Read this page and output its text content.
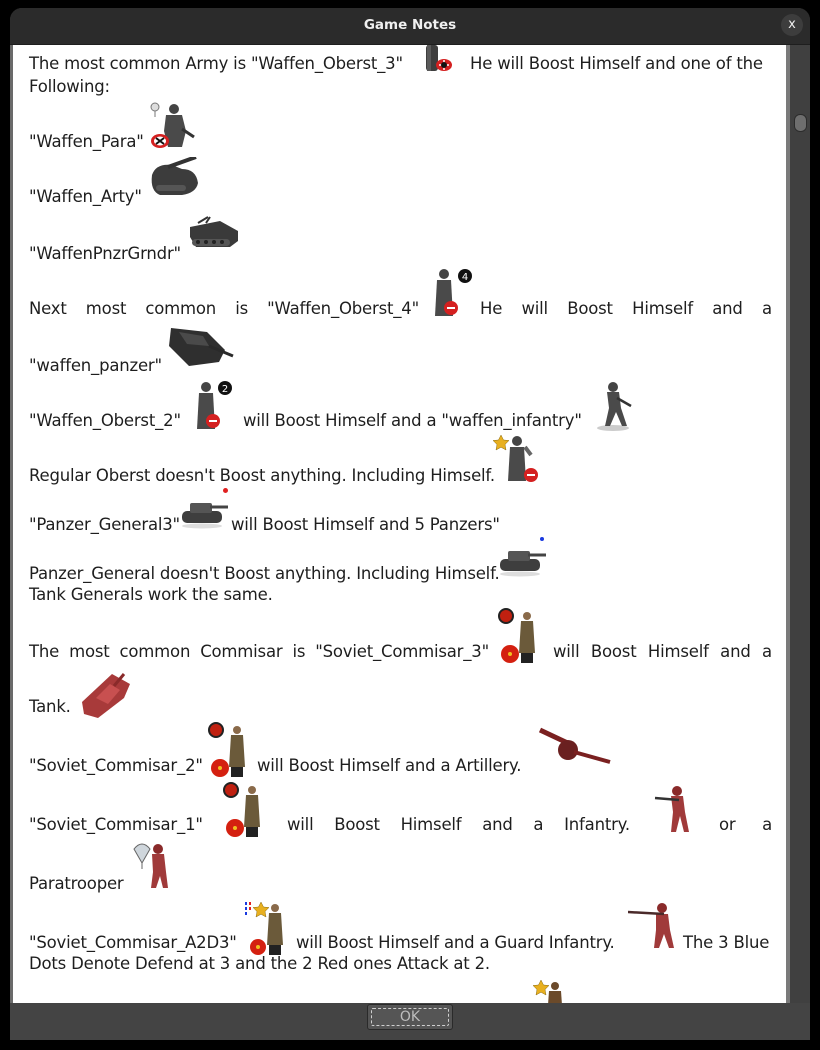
Game Notes	x
The most common Army is "Waffen_Oberst_3"	He will Boost Himself and one of the
Following:
"Waffen_Para"
"Waffen_Arty"
"WaffenPnzrGrndr"
Next most common is "Waffen_Oberst_4"
4
He will Boost Himself and a
"waffen_panzer"
"Waffen_Oberst_2"
2
will Boost Himself and a "waffen_infantry"
Regular Oberst doesn't Boost anything. Including Himself.
"Panzer_General3"	will Boost Himself and 5 Panzers"
Panzer_General doesn't Boost anything. Including Himself.
Tank Generals work the same.
The most common Commisar is "Soviet_Commisar_3"	will Boost Himself and a
Tank.
"Soviet_Commisar_2"	will Boost Himself and a Artillery.
"Soviet_Commisar_1"	will Boost Himself and a Infantry.	or a
Paratrooper
"Soviet_Commisar_A2D3"	will Boost Himself and a Guard Infantry.	The 3 Blue
Dots Denote Defend at 3 and the 2 Red ones Attack at 2.
OK
